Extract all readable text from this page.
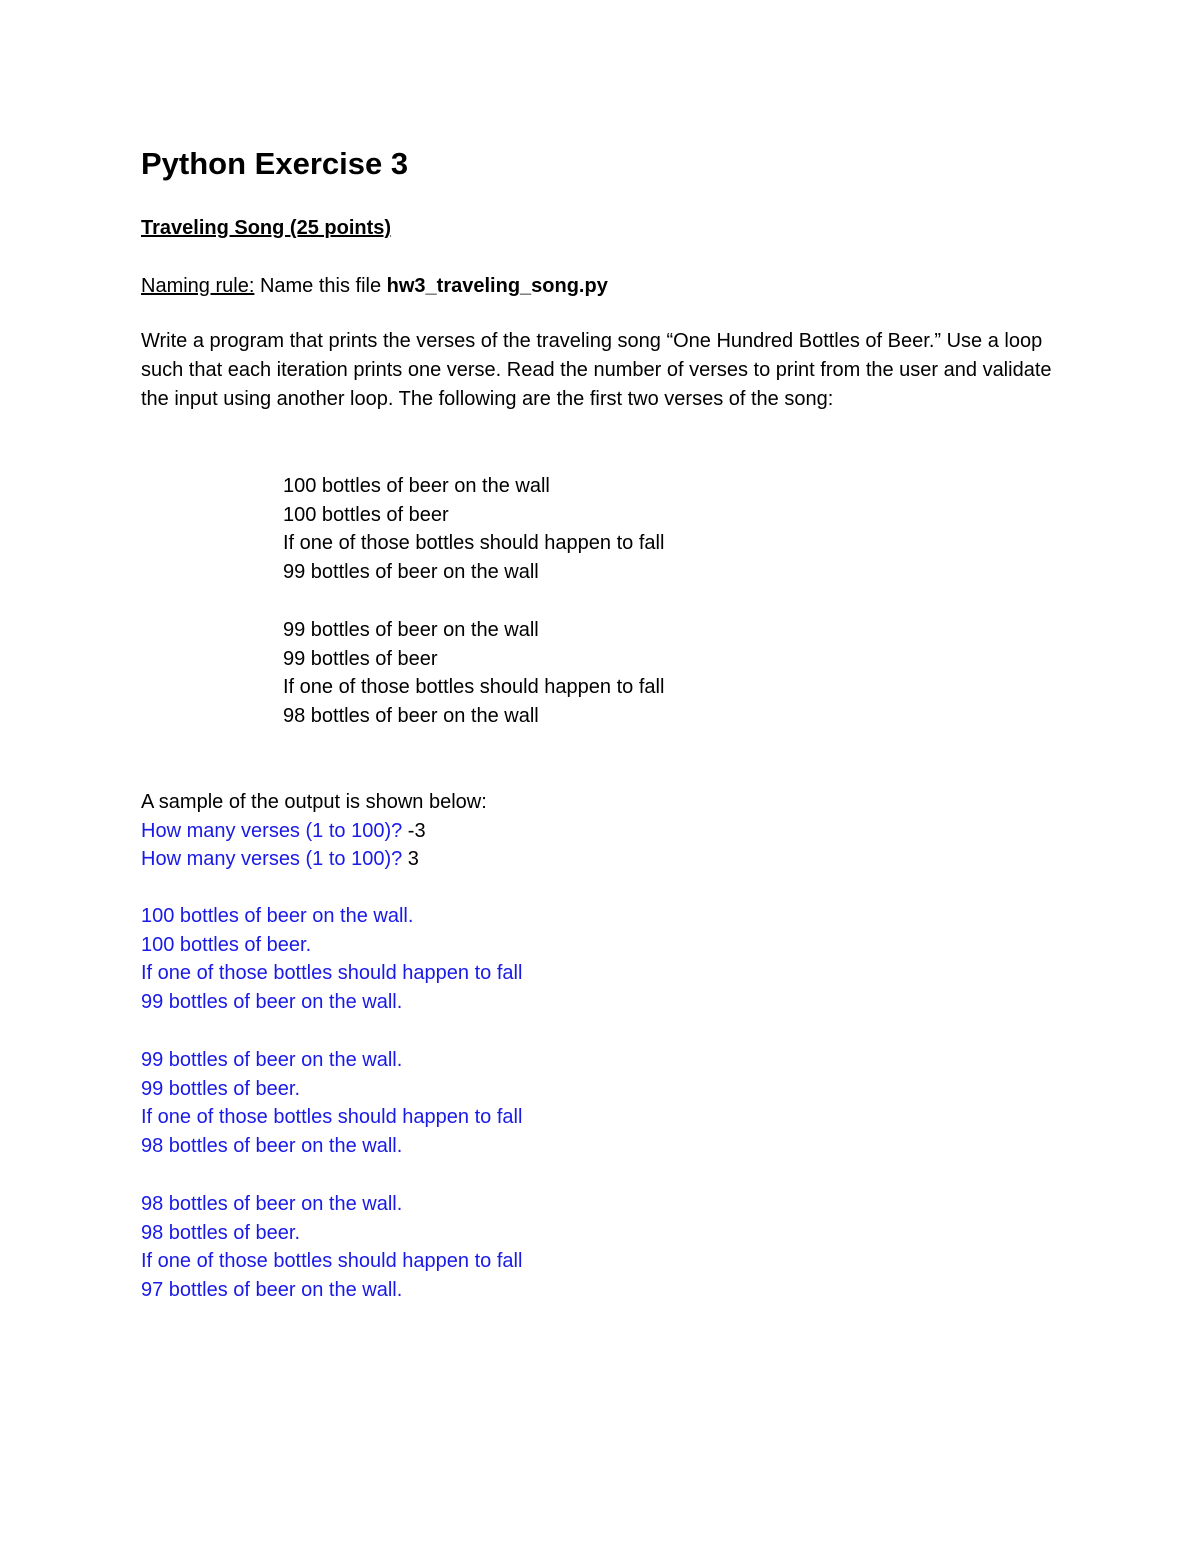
Python Exercise 3
Traveling Song (25 points)
Naming rule: Name this file hw3_traveling_song.py

Write a program that prints the verses of the traveling song “One Hundred Bottles of Beer.” Use a loop such that each iteration prints one verse. Read the number of verses to print from the user and validate the input using another loop. The following are the first two verses of the song:

100 bottles of beer on the wall
100 bottles of beer
If one of those bottles should happen to fall
99 bottles of beer on the wall
99 bottles of beer on the wall
99 bottles of beer
If one of those bottles should happen to fall
98 bottles of beer on the wall
A sample of the output is shown below:
How many verses (1 to 100)? -3
How many verses (1 to 100)? 3
100 bottles of beer on the wall.
100 bottles of beer.
If one of those bottles should happen to fall
99 bottles of beer on the wall.
99 bottles of beer on the wall.
99 bottles of beer.
If one of those bottles should happen to fall
98 bottles of beer on the wall.
98 bottles of beer on the wall.
98 bottles of beer.
If one of those bottles should happen to fall
97 bottles of beer on the wall.
